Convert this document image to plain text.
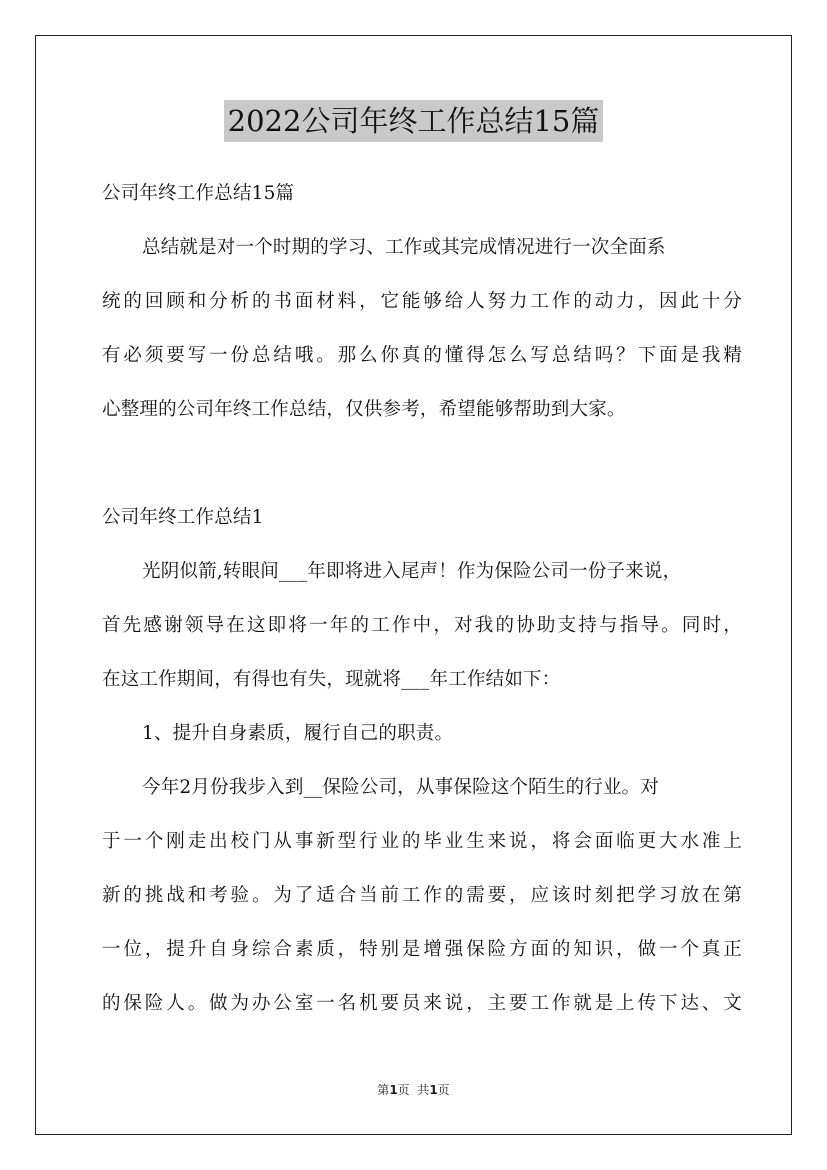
2022公司年终工作总结15篇
公司年终工作总结15篇
总结就是对一个时期的学习、工作或其完成情况进行一次全面系
统的回顾和分析的书面材料，它能够给人努力工作的动力，因此十分
有必须要写一份总结哦。那么你真的懂得怎么写总结吗？下面是我精
心整理的公司年终工作总结，仅供参考，希望能够帮助到大家。
公司年终工作总结1
光阴似箭,转眼间___年即将进入尾声！作为保险公司一份子来说，
首先感谢领导在这即将一年的工作中，对我的协助支持与指导。同时，
在这工作期间，有得也有失，现就将___年工作结如下：
1、提升自身素质，履行自己的职责。
今年2月份我步入到__保险公司，从事保险这个陌生的行业。对
于一个刚走出校门从事新型行业的毕业生来说，将会面临更大水准上
新的挑战和考验。为了适合当前工作的需要，应该时刻把学习放在第
一位，提升自身综合素质，特别是增强保险方面的知识，做一个真正
的保险人。做为办公室一名机要员来说，主要工作就是上传下达、文
第1页  共1页
